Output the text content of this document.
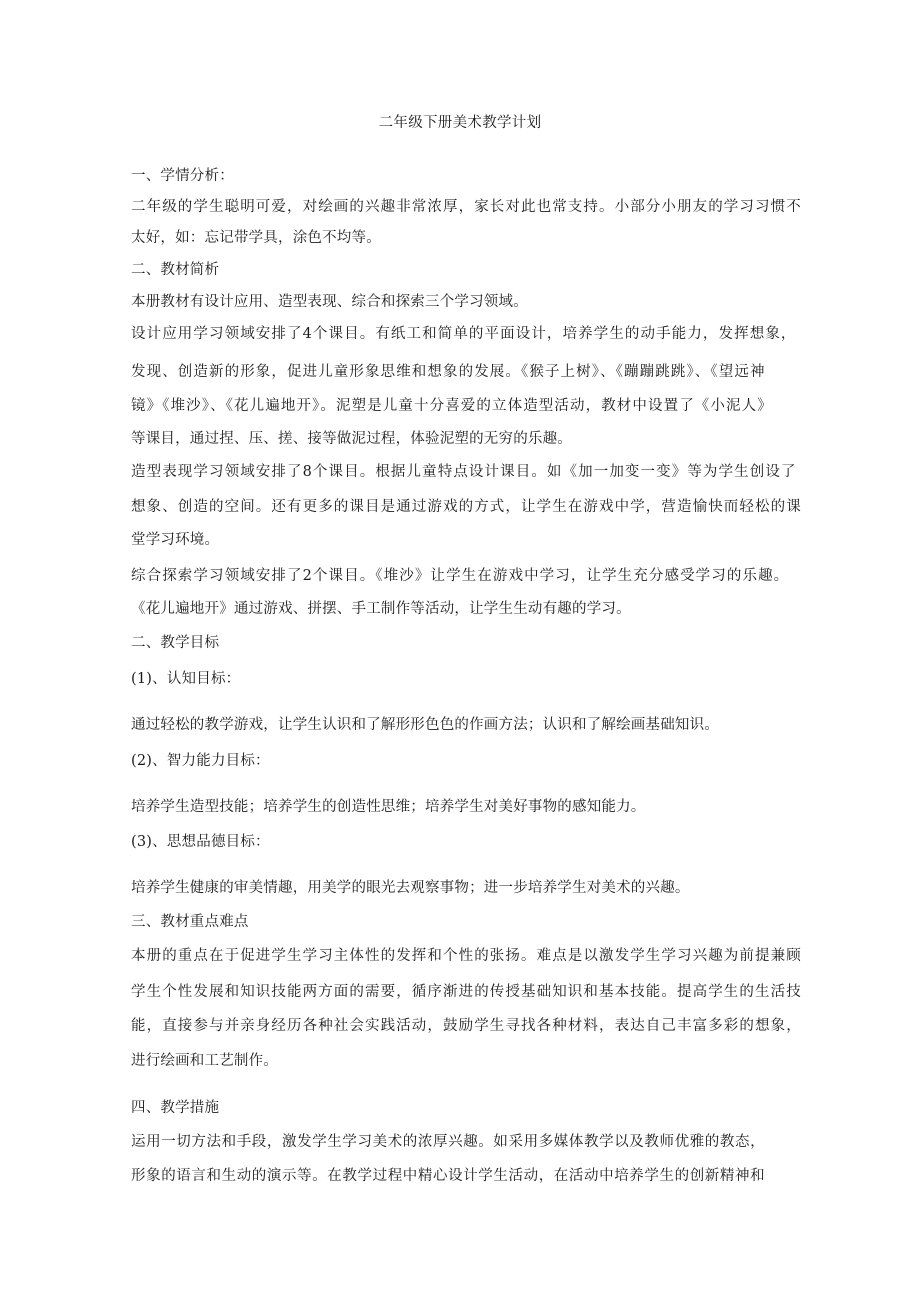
二年级下册美术教学计划
一、学情分析：
二年级的学生聪明可爱，对绘画的兴趣非常浓厚，家长对此也常支持。小部分小朋友的学习习惯不
太好，如：忘记带学具，涂色不均等。
二、教材简析
本册教材有设计应用、造型表现、综合和探索三个学习领域。
设计应用学习领域安排了4个课目。有纸工和简单的平面设计，培养学生的动手能力，发挥想象，
发现、创造新的形象，促进儿童形象思维和想象的发展。《猴子上树》、《蹦蹦跳跳》、《望远神
镜》《堆沙》、《花儿遍地开》。泥塑是儿童十分喜爱的立体造型活动，教材中设置了《小泥人》
等课目，通过捏、压、搓、接等做泥过程，体验泥塑的无穷的乐趣。
造型表现学习领域安排了8个课目。根据儿童特点设计课目。如《加一加变一变》等为学生创设了
想象、创造的空间。还有更多的课目是通过游戏的方式，让学生在游戏中学，营造愉快而轻松的课
堂学习环境。
综合探索学习领域安排了2个课目。《堆沙》让学生在游戏中学习，让学生充分感受学习的乐趣。
《花儿遍地开》通过游戏、拼摆、手工制作等活动，让学生生动有趣的学习。
二、教学目标
(1)、认知目标：
通过轻松的教学游戏，让学生认识和了解形形色色的作画方法；认识和了解绘画基础知识。
(2)、智力能力目标：
培养学生造型技能；培养学生的创造性思维；培养学生对美好事物的感知能力。
(3)、思想品德目标：
培养学生健康的审美情趣，用美学的眼光去观察事物；进一步培养学生对美术的兴趣。
三、教材重点难点
本册的重点在于促进学生学习主体性的发挥和个性的张扬。难点是以激发学生学习兴趣为前提兼顾
学生个性发展和知识技能两方面的需要，循序渐进的传授基础知识和基本技能。提高学生的生活技
能，直接参与并亲身经历各种社会实践活动，鼓励学生寻找各种材料，表达自己丰富多彩的想象，
进行绘画和工艺制作。
四、教学措施
运用一切方法和手段，激发学生学习美术的浓厚兴趣。如采用多媒体教学以及教师优雅的教态，
形象的语言和生动的演示等。在教学过程中精心设计学生活动，在活动中培养学生的创新精神和
